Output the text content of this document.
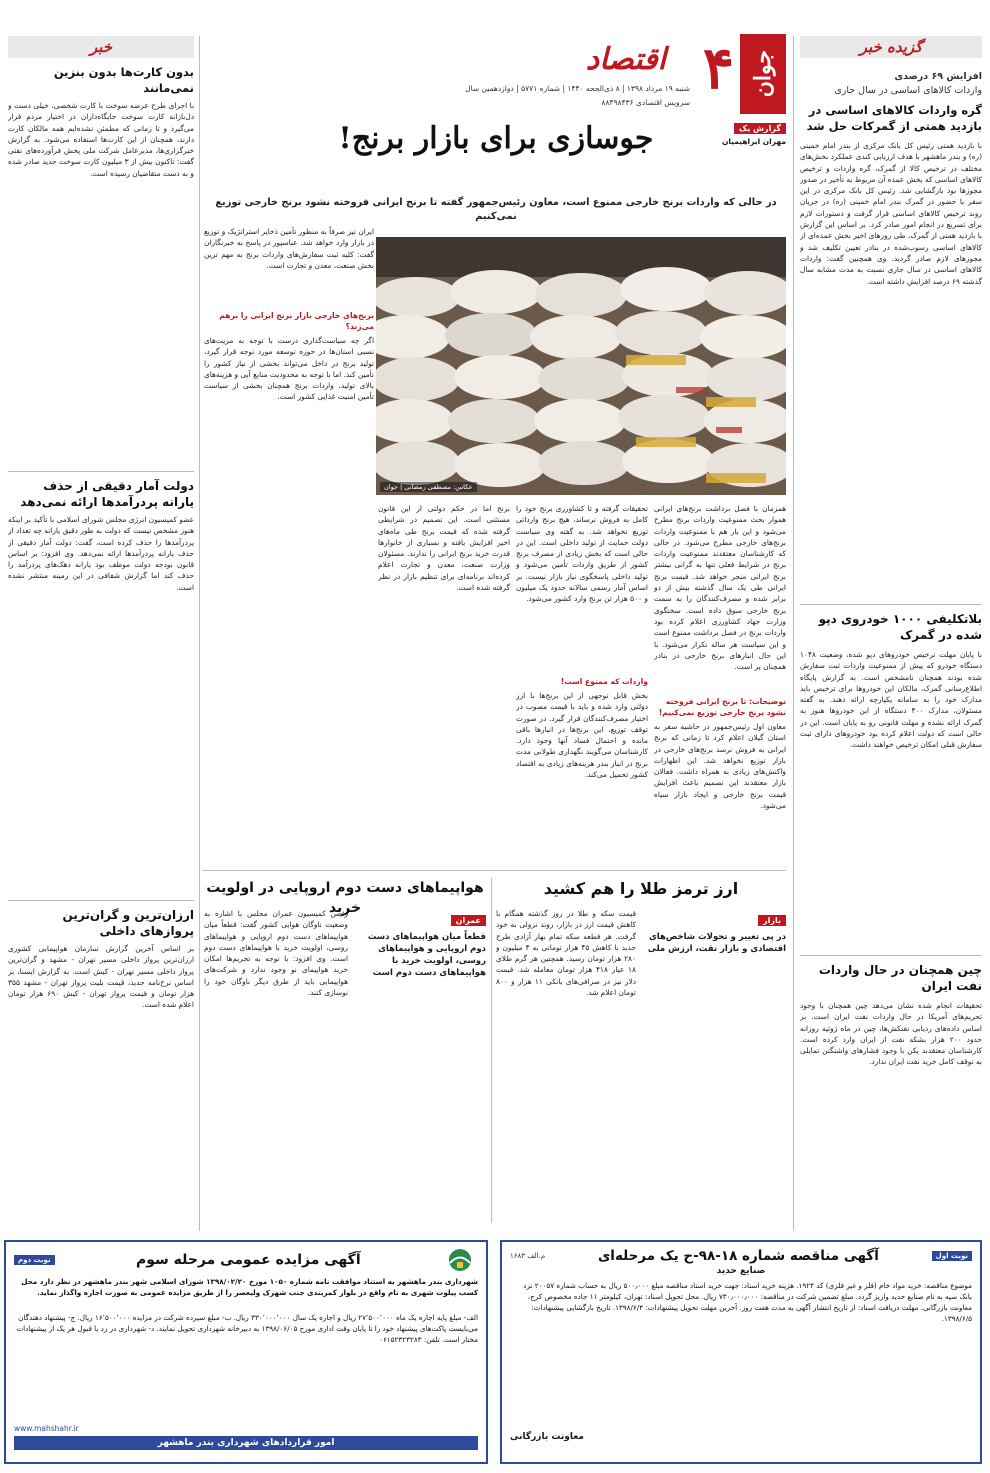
گزیده خبر
افزایش ۶۹ درصدی
واردات کالاهای اساسی در سال جاری
گره واردات کالاهای اساسی در بازدید همتی از گمرکات حل شد
با بازدید همتی رئیس کل بانک مرکزی از بندر امام خمینی (ره) و بندر ماهشهر با هدف ارزیابی کندی عملکرد بخش‌های مختلف در ترخیص کالا از گمرک، گره واردات و ترخیص کالاهای اساسی که بخش عمده آن مربوط به تأخیر در صدور مجوزها بود بازگشایی شد. رئیس کل بانک مرکزی در این سفر با حضور در گمرک بندر امام خمینی (ره) در جریان روند ترخیص کالاهای اساسی قرار گرفت و دستورات لازم برای تسریع در انجام امور صادر کرد. بر اساس این گزارش با بازدید همتی از گمرک، طی روزهای اخیر بخش عمده‌ای از کالاهای اساسی رسوب‌شده در بنادر تعیین تکلیف شد و مجوزهای لازم صادر گردید. وی همچنین گفت: واردات کالاهای اساسی در سال جاری نسبت به مدت مشابه سال گذشته ۶۹ درصد افزایش داشته است.
بلاتکلیفی ۱۰۰۰ خودروی دپو شده در گمرک
با پایان مهلت ترخیص خودروهای دپو شده، وضعیت ۱۰۴۸ دستگاه خودرو که پیش از ممنوعیت واردات ثبت سفارش شده بودند همچنان نامشخص است. به گزارش پایگاه اطلاع‌رسانی گمرک، مالکان این خودروها برای ترخیص باید مدارک خود را به سامانه یکپارچه ارائه دهند. به گفته مسئولان، مدارک ۴۰۰ دستگاه از این خودروها هنوز به گمرک ارائه نشده و مهلت قانونی رو به پایان است. این در حالی است که دولت اعلام کرده بود خودروهای دارای ثبت سفارش قبلی امکان ترخیص خواهند داشت.
چین همچنان در حال واردات نفت ایران
تحقیقات انجام شده نشان می‌دهد چین همچنان با وجود تحریم‌های آمریکا در حال واردات نفت ایران است. بر اساس داده‌های ردیابی نفتکش‌ها، چین در ماه ژوئیه روزانه حدود ۲۰۰ هزار بشکه نفت از ایران وارد کرده است. کارشناسان معتقدند پکن با وجود فشارهای واشنگتن تمایلی به توقف کامل خرید نفت ایران ندارد.
جوان
۴
اقتصاد
شنبه ۱۹ مرداد ۱۳۹۸ | ۸ ذی‌الحجه ۱۴۴۰ | شماره ۵۷۷۱ | دوازدهمین سال
سرویس اقتصادی ۸۸۴۹۸۴۳۶
گزارش یک
مهران ابراهیمیان
جوسازی برای بازار برنج!
در حالی که واردات برنج خارجی ممنوع است، معاون رئیس‌جمهور گفته تا برنج ایرانی فروخته نشود برنج خارجی توزیع نمی‌کنیم
عکاس: مصطفی رمضانی | جوان
ایران تیز صرفاً به منظور تأمین ذخایر استراتژیک و توزیع در بازار وارد خواهد شد. عباسپور در پاسخ به خبرنگاران گفت: کلیه ثبت سفارش‌های واردات برنج به مهم ترین بخش صنعت، معدن و تجارت است.
برنج‌های خارجی بازار برنج ایرانی را برهم می‌زند؟
اگر چه سیاست‌گذاری درست با توجه به مزیت‌های نسبی استان‌ها در حوزه توسعه مورد توجه قرار گیرد، تولید برنج در داخل می‌تواند بخشی از نیاز کشور را تأمین کند. اما با توجه به محدودیت منابع آبی و هزینه‌های بالای تولید، واردات برنج همچنان بخشی از سیاست تأمین امنیت غذایی کشور است.
همزمان با فصل برداشت برنج‌های ایرانی هموار بحث ممنوعیت واردات برنج مطرح می‌شود و این بار هم با ممنوعیت واردات برنج‌های خارجی مطرح می‌شود. در حالی که کارشناسان معتقدند ممنوعیت واردات برنج در شرایط فعلی تنها به گرانی بیشتر برنج ایرانی منجر خواهد شد. قیمت برنج ایرانی طی یک سال گذشته بیش از دو برابر شده و مصرف‌کنندگان را به سمت برنج خارجی سوق داده است. سخنگوی وزارت جهاد کشاورزی اعلام کرده بود واردات برنج در فصل برداشت ممنوع است و این سیاست هر ساله تکرار می‌شود. با این حال انبارهای برنج خارجی در بنادر همچنان پر است.
توضیحات: تا برنج ایرانی فروخته نشود برنج خارجی توزیع نمی‌کنیم!
معاون اول رئیس‌جمهور در حاشیه سفر به استان گیلان اعلام کرد تا زمانی که برنج ایرانی به فروش نرسد برنج‌های خارجی در بازار توزیع نخواهد شد. این اظهارات واکنش‌های زیادی به همراه داشت. فعالان بازار معتقدند این تصمیم باعث افزایش قیمت برنج خارجی و ایجاد بازار سیاه می‌شود.
تحقیقات گرفته و تا کشاورزی برنج خود را کامل به فروش نرساند، هیچ برنج وارداتی توزیع نخواهد شد. به گفته وی سیاست دولت حمایت از تولید داخلی است. این در حالی است که بخش زیادی از مصرف برنج کشور از طریق واردات تأمین می‌شود و تولید داخلی پاسخگوی نیاز بازار نیست. بر اساس آمار رسمی سالانه حدود یک میلیون و ۵۰۰ هزار تن برنج وارد کشور می‌شود.
واردات که ممنوع است!
بخش قابل توجهی از این برنج‌ها با ارز دولتی وارد شده و باید با قیمت مصوب در اختیار مصرف‌کنندگان قرار گیرد. در صورت توقف توزیع، این برنج‌ها در انبارها باقی مانده و احتمال فساد آنها وجود دارد. کارشناسان می‌گویند نگهداری طولانی مدت برنج در انبار بندر هزینه‌های زیادی به اقتصاد کشور تحمیل می‌کند.
برنج اما در حکم دولتی از این قانون مستثنی است. این تصمیم در شرایطی گرفته شده که قیمت برنج طی ماه‌های اخیر افزایش یافته و بسیاری از خانوارها قدرت خرید برنج ایرانی را ندارند. مسئولان وزارت صنعت، معدن و تجارت اعلام کرده‌اند برنامه‌ای برای تنظیم بازار در نظر گرفته شده است.
ارز ترمز طلا را هم کشید
بازار
در پی تغییر و تحولات شاخص‌های اقتصادی و بازار نقت، ارزش ملی
قیمت سکه و طلا در روز گذشته همگام با کاهش قیمت ارز در بازار، روند نزولی به خود گرفت. هر قطعه سکه تمام بهار آزادی طرح جدید با کاهش ۴۵ هزار تومانی به ۴ میلیون و ۲۸۰ هزار تومان رسید. همچنین هر گرم طلای ۱۸ عیار ۴۱۸ هزار تومان معامله شد. قیمت دلار نیز در صرافی‌های بانکی ۱۱ هزار و ۸۰۰ تومان اعلام شد.
هواپیماهای دست دوم اروپایی در اولویت خرید
عمران
قطعاً میان هواپیماهای دست دوم اروپایی و هواپیماهای روسی، اولویت خرید با هواپیماهای دست دوم است
رئیس کمیسیون عمران مجلس با اشاره به وضعیت ناوگان هوایی کشور گفت: قطعاً میان هواپیماهای دست دوم اروپایی و هواپیماهای روسی، اولویت خرید با هواپیماهای دست دوم است. وی افزود: با توجه به تحریم‌ها امکان خرید هواپیمای نو وجود ندارد و شرکت‌های هواپیمایی باید از طرق دیگر ناوگان خود را نوسازی کنند.
خبر
بدون کارت‌ها بدون بنزین نمی‌مانند
با اجرای طرح عرضه سوخت با کارت شخصی، خیلی دست و دل‌بازانه کارت سوخت جایگاه‌داران در اختیار مردم قرار می‌گیرد و تا زمانی که مطمئن نشده‌ایم همه مالکان کارت دارند، همچنان از این کارت‌ها استفاده می‌شود. به گزارش خبرگزاری‌ها، مدیرعامل شرکت ملی پخش فرآورده‌های نفتی گفت: تاکنون بیش از ۳ میلیون کارت سوخت جدید صادر شده و به دست متقاضیان رسیده است.
دولت آمار دقیقی از حذف یارانه پردرآمدها ارائه نمی‌دهد
عضو کمیسیون انرژی مجلس شورای اسلامی با تأکید بر اینکه هنوز مشخص نیست که دولت به طور دقیق یارانه چه تعداد از پردرآمدها را حذف کرده است، گفت: دولت آمار دقیقی از حذف یارانه پردرآمدها ارائه نمی‌دهد. وی افزود: بر اساس قانون بودجه دولت موظف بود یارانه دهک‌های پردرآمد را حذف کند اما گزارش شفافی در این زمینه منتشر نشده است.
ارزان‌ترین و گران‌ترین پروازهای داخلی
بر اساس آخرین گزارش سازمان هواپیمایی کشوری ارزان‌ترین پرواز داخلی مسیر تهران - مشهد و گران‌ترین پرواز داخلی مسیر تهران - کیش است. به گزارش ایسنا، بر اساس نرخ‌نامه جدید، قیمت بلیت پرواز تهران - مشهد ۳۵۵ هزار تومان و قیمت پرواز تهران - کیش ۶۹۰ هزار تومان اعلام شده است.
نوبت اول
آگهی مناقصه شماره ۱۸-۹۸-ح یک مرحله‌ای
م.الف ۱۶۸۳
صنایع حدید
موضوع مناقصه: خرید مواد خام (فلز و غیر فلزی) کد ۱۹۲۴. هزینه خرید اسناد: جهت خرید اسناد مناقصه مبلغ ۵۰۰٫۰۰۰ ریال به حساب شماره ۲۰۰۵۷ نزد بانک سپه به نام صنایع حدید واریز گردد. مبلغ تضمین شرکت در مناقصه: ۷۳۰٫۰۰۰٫۰۰۰ ریال. محل تحویل اسناد: تهران، کیلومتر ۱۱ جاده مخصوص کرج، معاونت بازرگانی. مهلت دریافت اسناد: از تاریخ انتشار آگهی به مدت هفت روز. آخرین مهلت تحویل پیشنهادات: ۱۳۹۸/۶/۴. تاریخ بازگشایی پیشنهادات: ۱۳۹۸/۶/۵.
معاونت بازرگانی
آگهی مزایده عمومی مرحله سوم
نوبت دوم
شهرداری بندر ماهشهر به استناد موافقت نامه شماره ۱۰۵۰ مورخ ۱۳۹۸/۰۲/۲۰ شورای اسلامی شهر بندر ماهشهر در نظر دارد محل کسب پیلوت شهری به نام واقع در بلوار کمربندی جنب شهرک ولیعصر را از طریق مزایده عمومی به صورت اجاره واگذار نماید.
الف- مبلغ پایه اجاره یک ماه ۲۷٬۵۰۰٬۰۰۰ ریال و اجاره یک سال ۳۳۰٬۰۰۰٬۰۰۰ ریال. ب- مبلغ سپرده شرکت در مزایده ۱۶٬۵۰۰٬۰۰۰ ریال. ج- پیشنهاد دهندگان می‌بایست پاکت‌های پیشنهاد خود را تا پایان وقت اداری مورخ ۱۳۹۸/۰۶/۰۵ به دبیرخانه شهرداری تحویل نمایند. د- شهرداری در رد یا قبول هر یک از پیشنهادات مختار است. تلفن: ۰۶۱۵۲۳۲۳۲۸۳
www.mahshahr.ir
امور قراردادهای شهرداری بندر ماهشهر
